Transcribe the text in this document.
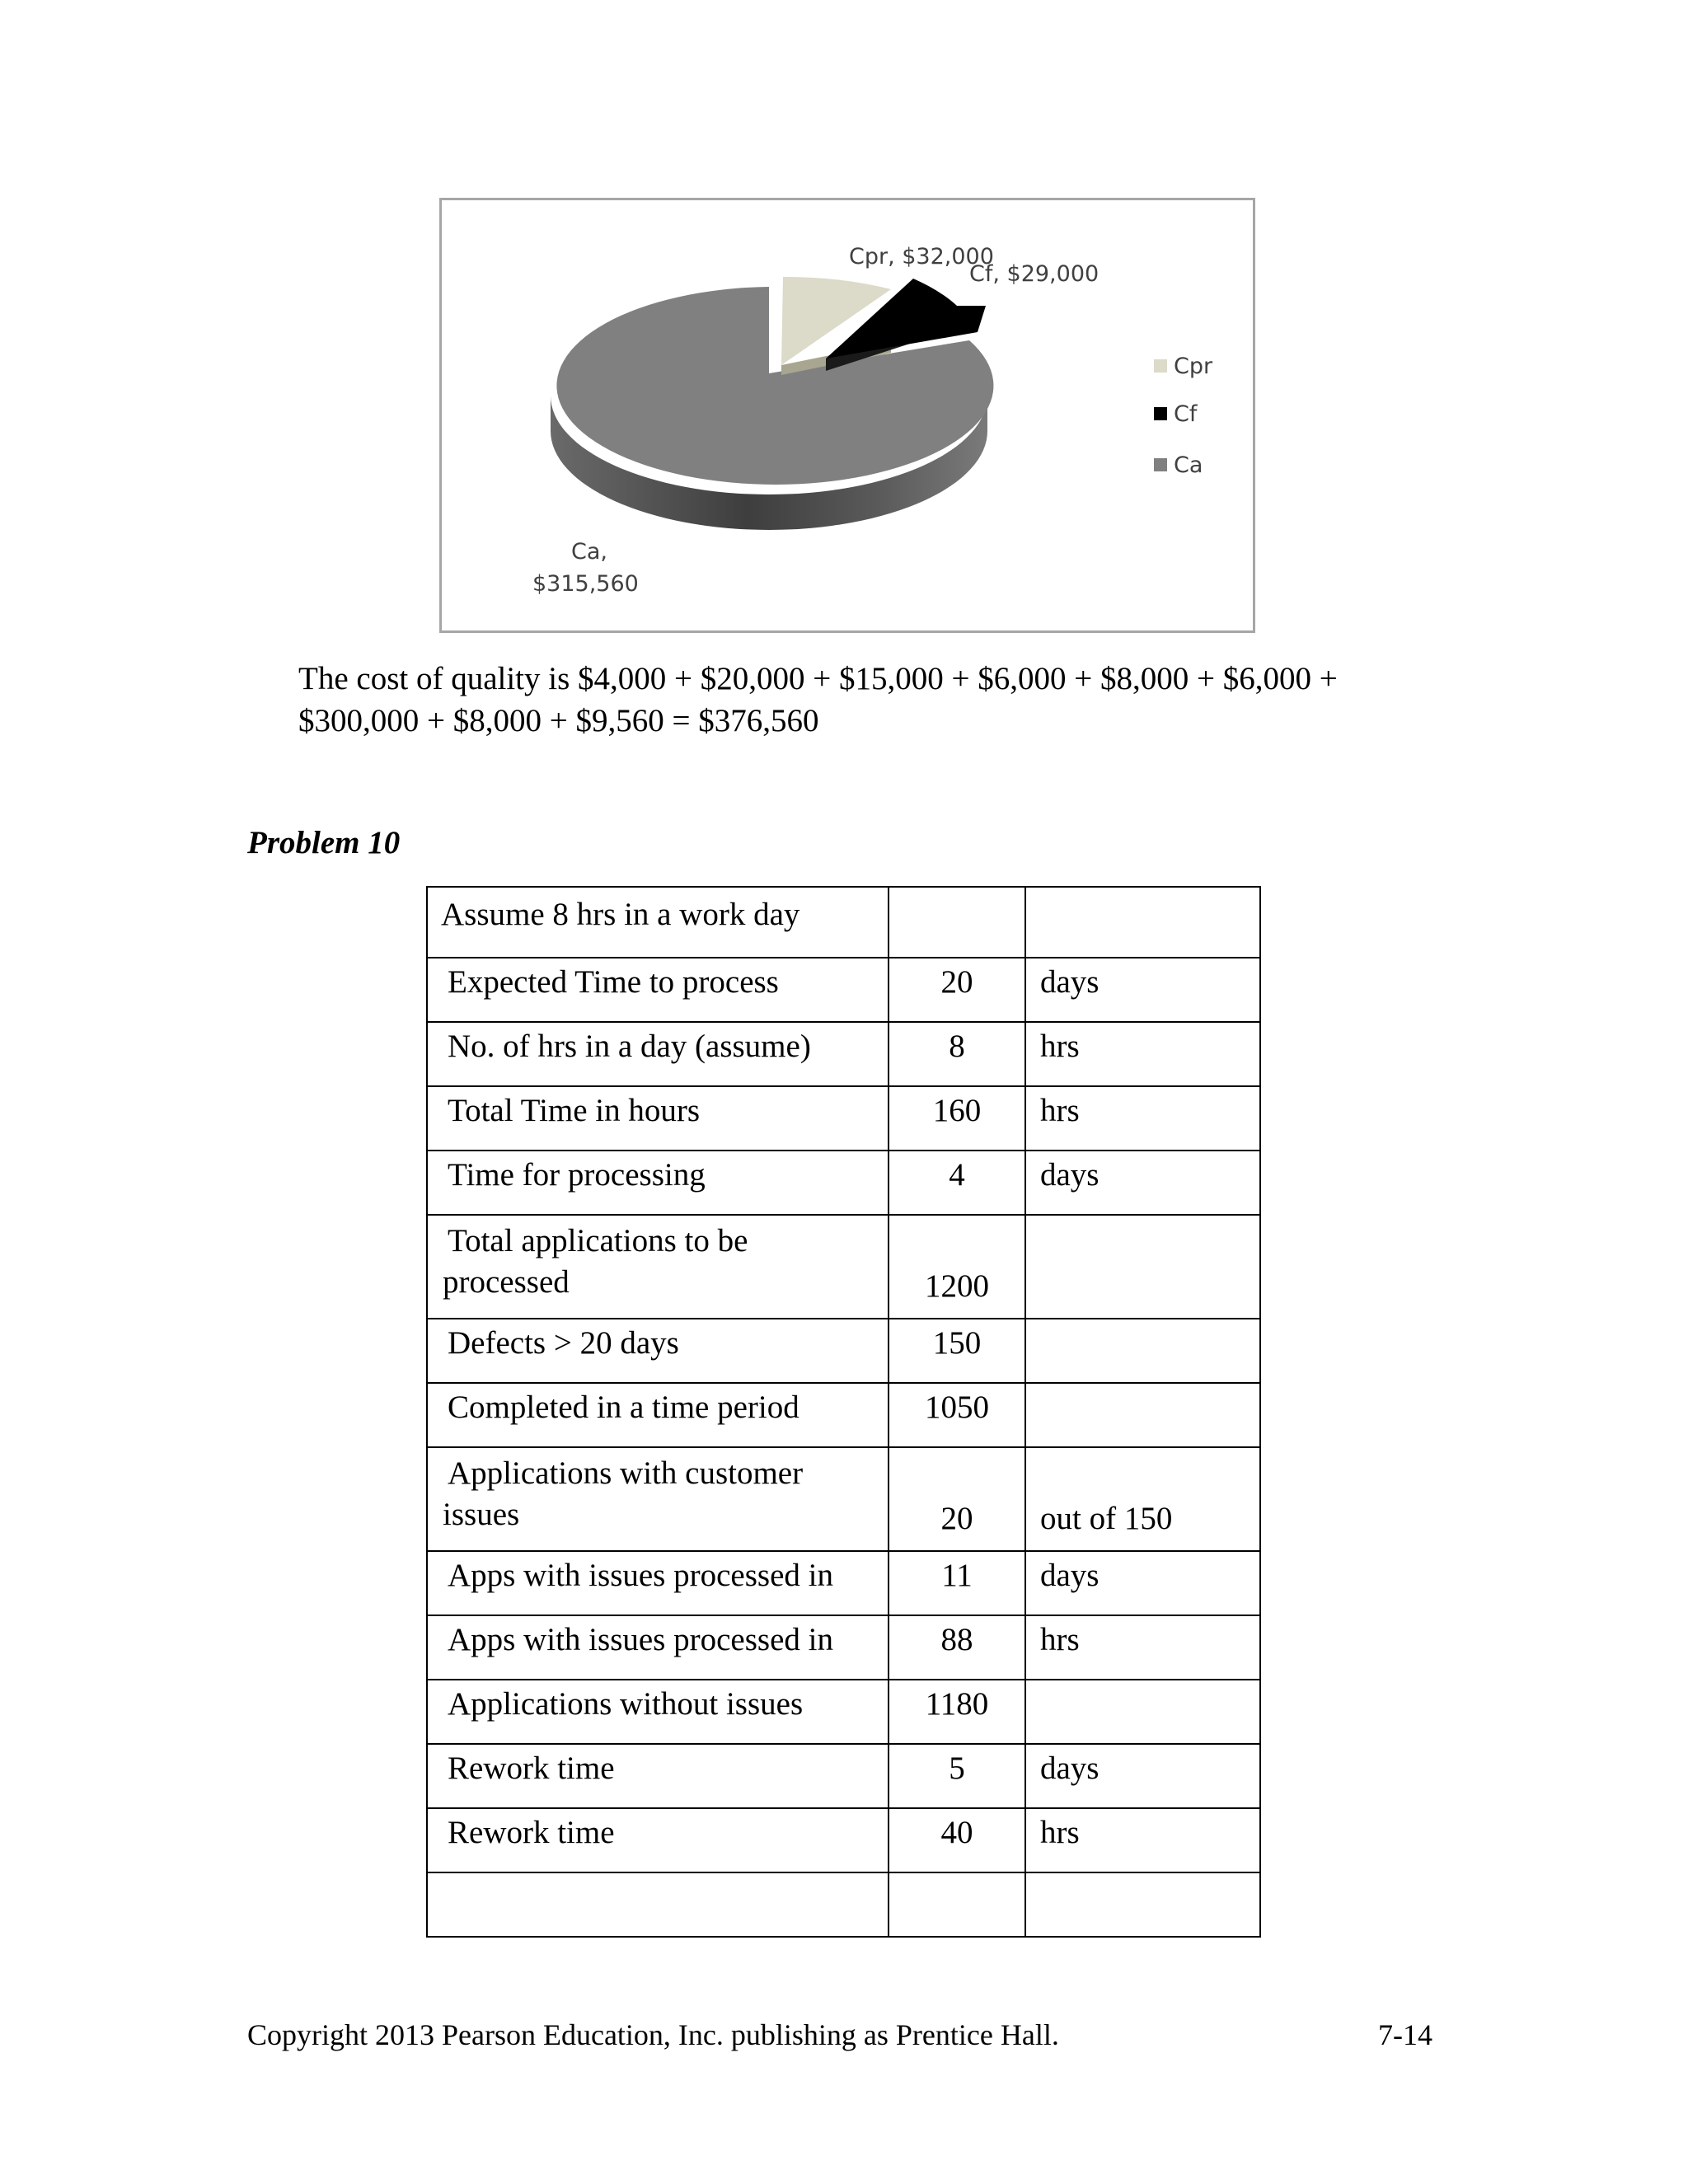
Cpr, $32,000
Cf, $29,000
Ca,
$315,560
Cpr
Cf
Ca
The cost of quality is $4,000 + $20,000 + $15,000 + $6,000 + $8,000 + $6,000 +
$300,000 + $8,000 + $9,560 = $376,560
Problem 10
Assume 8 hrs in a work day		
Expected Time to process	20	days
No. of hrs in a day (assume)	8	hrs
Total Time in hours	160	hrs
Time for processing	4	days

Total applications to be
processed	1200	
Defects > 20 days	150	
Completed in a time period	1050	

Applications with customer
issues	20	out of 150
Apps with issues processed in	11	days
Apps with issues processed in	88	hrs
Applications without issues	1180	
Rework time	5	days
Rework time	40	hrs

Copyright 2013 Pearson Education, Inc. publishing as Prentice Hall.	7-14
